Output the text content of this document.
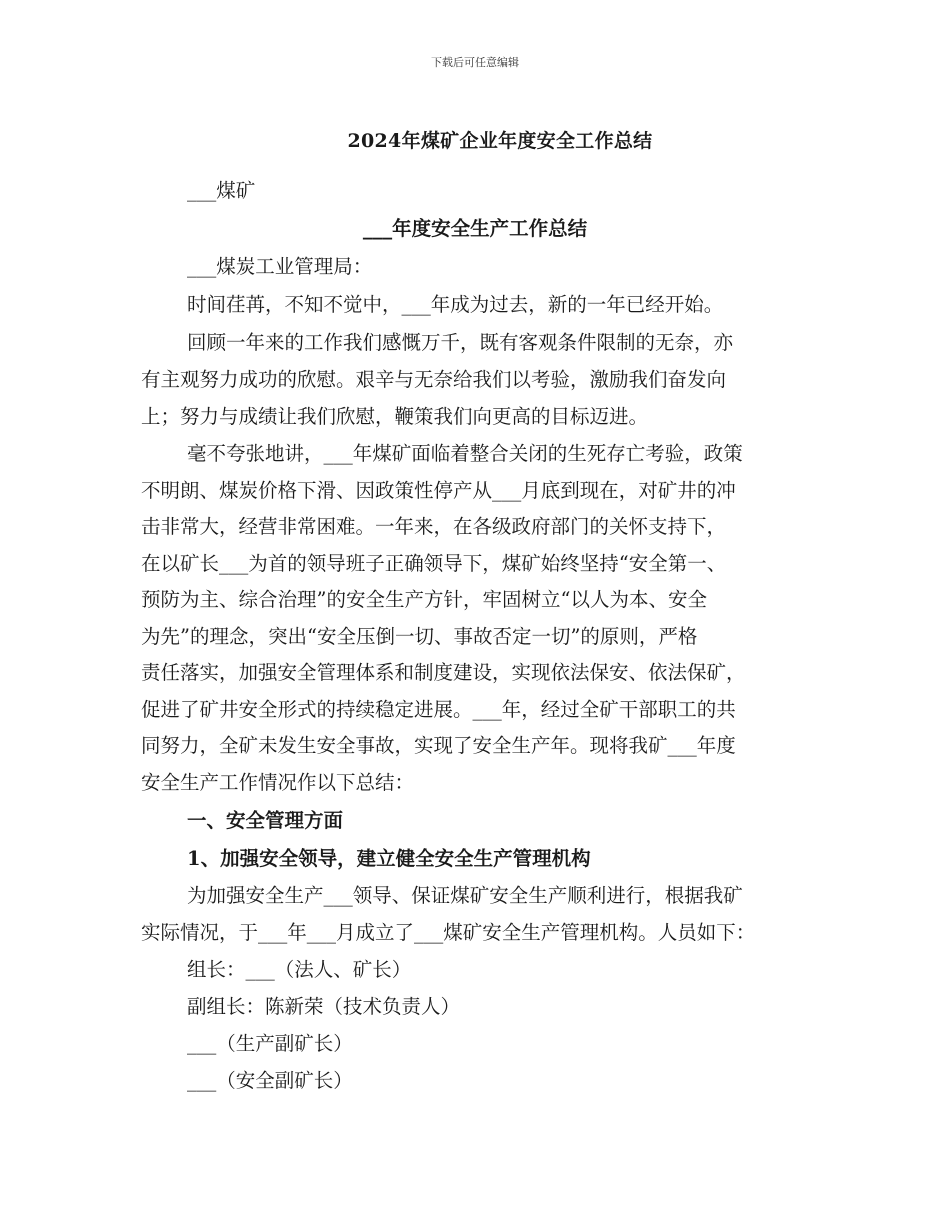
下载后可任意编辑
2024年煤矿企业年度安全工作总结
___煤矿
___年度安全生产工作总结
___煤炭工业管理局：
时间荏苒，不知不觉中，___年成为过去，新的一年已经开始。
回顾一年来的工作我们感慨万千，既有客观条件限制的无奈，亦
有主观努力成功的欣慰。艰辛与无奈给我们以考验，激励我们奋发向
上；努力与成绩让我们欣慰，鞭策我们向更高的目标迈进。
毫不夸张地讲，___年煤矿面临着整合关闭的生死存亡考验，政策
不明朗、煤炭价格下滑、因政策性停产从___月底到现在，对矿井的冲
击非常大，经营非常困难。一年来，在各级政府部门的关怀支持下，
在以矿长___为首的领导班子正确领导下，煤矿始终坚持“安全第一、
预防为主、综合治理”的安全生产方针，牢固树立“以人为本、安全
为先”的理念，突出“安全压倒一切、事故否定一切”的原则，严格
责任落实，加强安全管理体系和制度建设，实现依法保安、依法保矿，
促进了矿井安全形式的持续稳定进展。___年，经过全矿干部职工的共
同努力，全矿未发生安全事故，实现了安全生产年。现将我矿___年度
安全生产工作情况作以下总结：
一、安全管理方面
1、加强安全领导，建立健全安全生产管理机构
为加强安全生产___领导、保证煤矿安全生产顺利进行，根据我矿
实际情况，于___年___月成立了___煤矿安全生产管理机构。人员如下：
组长：___（法人、矿长）
副组长：陈新荣（技术负责人）
___（生产副矿长）
___（安全副矿长）
